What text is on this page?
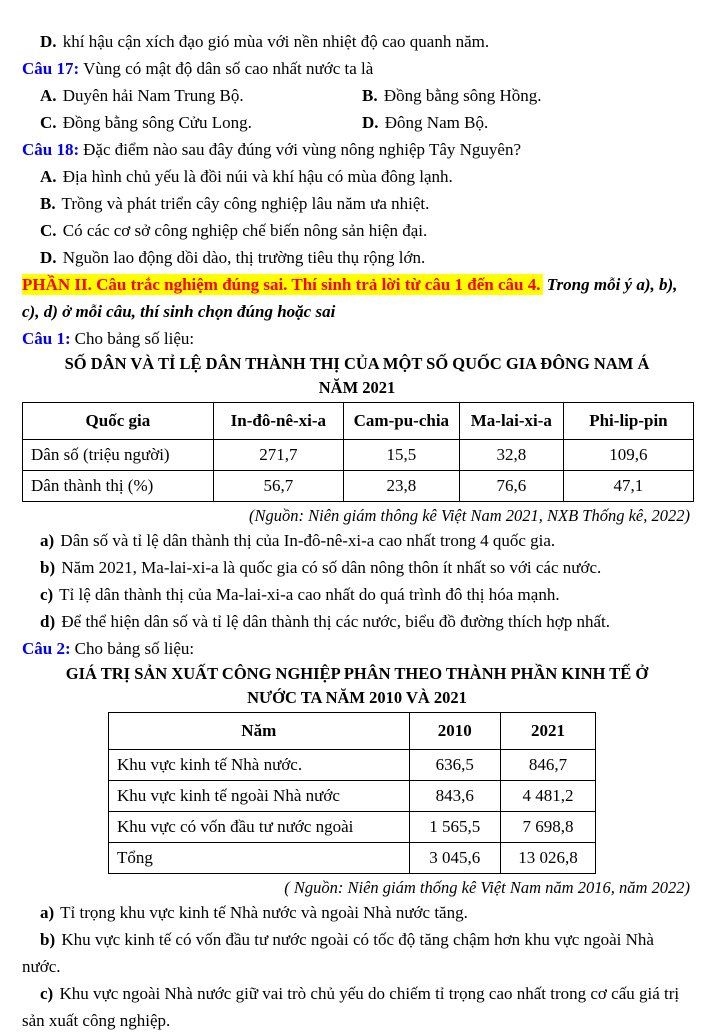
D. khí hậu cận xích đạo gió mùa với nền nhiệt độ cao quanh năm.

Câu 17: Vùng có mật độ dân số cao nhất nước ta là

A. Duyên hải Nam Trung Bộ.	B. Đồng bằng sông Hồng.

C. Đồng bằng sông Cửu Long.	D. Đông Nam Bộ.

Câu 18: Đặc điểm nào sau đây đúng với vùng nông nghiệp Tây Nguyên?

A. Địa hình chủ yếu là đồi núi và khí hậu có mùa đông lạnh.

B. Trồng và phát triển cây công nghiệp lâu năm ưa nhiệt.

C. Có các cơ sở công nghiệp chế biến nông sản hiện đại.

D. Nguồn lao động dồi dào, thị trường tiêu thụ rộng lớn.

PHẦN II. Câu trắc nghiệm đúng sai. Thí sinh trả lời từ câu 1 đến câu 4. Trong mỗi ý a), b),

c), d) ở mỗi câu, thí sinh chọn đúng hoặc sai

Câu 1: Cho bảng số liệu:

SỐ DÂN VÀ TỈ LỆ DÂN THÀNH THỊ CỦA MỘT SỐ QUỐC GIA ĐÔNG NAM Á

NĂM 2021

Quốc gia	In-đô-nê-xi-a	Cam-pu-chia	Ma-lai-xi-a	Phi-lip-pin
Dân số (triệu người)	271,7	15,5	32,8	109,6
Dân thành thị (%)	56,7	23,8	76,6	47,1

(Nguồn: Niên giám thông kê Việt Nam 2021, NXB Thống kê, 2022)

a) Dân số và tỉ lệ dân thành thị của In-đô-nê-xi-a cao nhất trong 4 quốc gia.

b) Năm 2021, Ma-lai-xi-a là quốc gia có số dân nông thôn ít nhất so với các nước.

c) Tỉ lệ dân thành thị của Ma-lai-xi-a cao nhất do quá trình đô thị hóa mạnh.

d) Để thể hiện dân số và tỉ lệ dân thành thị các nước, biểu đồ đường thích hợp nhất.

Câu 2: Cho bảng số liệu:

GIÁ TRỊ SẢN XUẤT CÔNG NGHIỆP PHÂN THEO THÀNH PHẦN KINH TẾ Ở

NƯỚC TA NĂM 2010 VÀ 2021

Năm	2010	2021
Khu vực kinh tế Nhà nước.	636,5	846,7
Khu vực kinh tế ngoài Nhà nước	843,6	4 481,2
Khu vực có vốn đầu tư nước ngoài	1 565,5	7 698,8
Tổng	3 045,6	13 026,8

( Nguồn: Niên giám thống kê Việt Nam năm 2016, năm 2022)

a) Tỉ trọng khu vực kinh tế Nhà nước và ngoài Nhà nước tăng.

b) Khu vực kinh tế có vốn đầu tư nước ngoài có tốc độ tăng chậm hơn khu vực ngoài Nhà nước.

c) Khu vực ngoài Nhà nước giữ vai trò chủ yếu do chiếm tỉ trọng cao nhất trong cơ cấu giá trị sản xuất công nghiệp.
